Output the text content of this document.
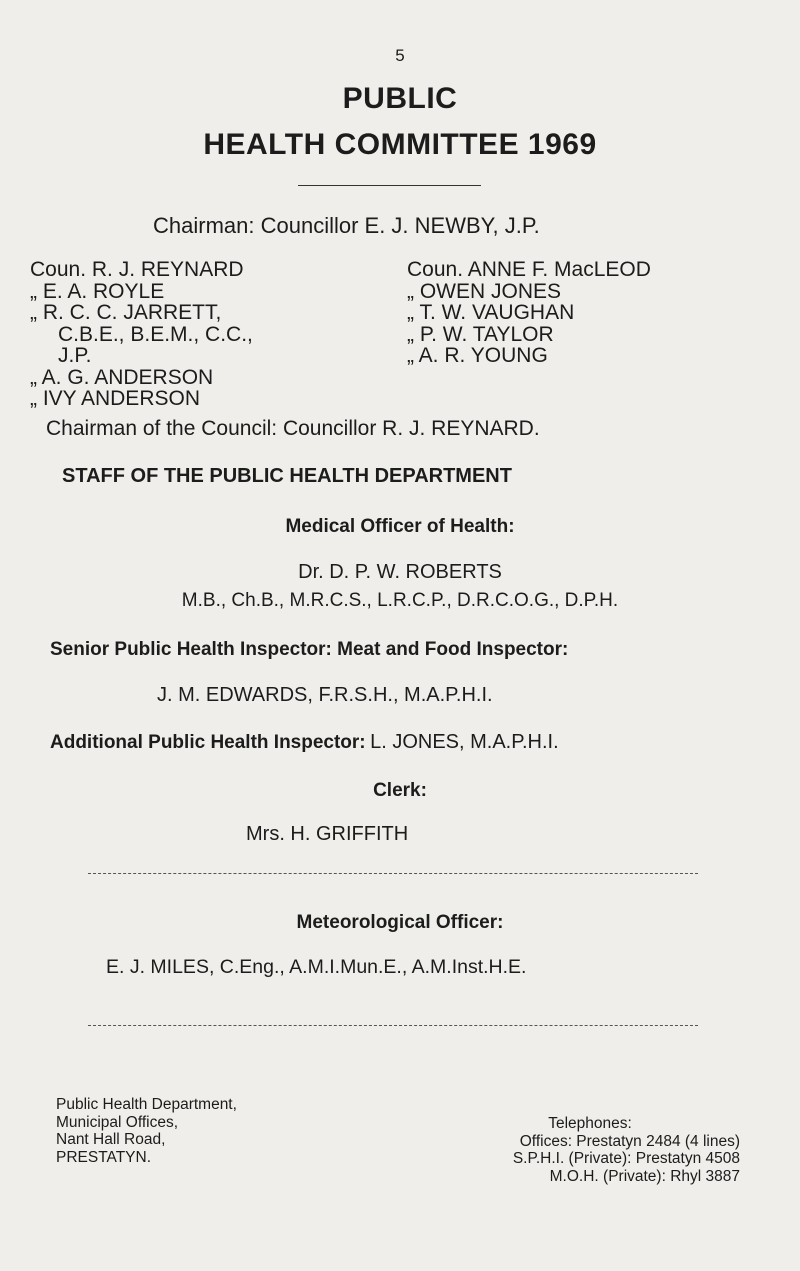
5
PUBLIC
HEALTH COMMITTEE 1969
Chairman: Councillor E. J. NEWBY, J.P.
Coun. R. J. REYNARD
„ E. A. ROYLE
„ R. C. C. JARRETT,
C.B.E., B.E.M., C.C.,
J.P.
„ A. G. ANDERSON
„ IVY ANDERSON
Coun. ANNE F. MacLEOD
„ OWEN JONES
„ T. W. VAUGHAN
„ P. W. TAYLOR
„ A. R. YOUNG
Chairman of the Council: Councillor R. J. REYNARD.
STAFF OF THE PUBLIC HEALTH DEPARTMENT
Medical Officer of Health:
Dr. D. P. W. ROBERTS
M.B., Ch.B., M.R.C.S., L.R.C.P., D.R.C.O.G., D.P.H.
Senior Public Health Inspector: Meat and Food Inspector:
J. M. EDWARDS, F.R.S.H., M.A.P.H.I.
Additional Public Health Inspector: L. JONES, M.A.P.H.I.
Clerk:
Mrs. H. GRIFFITH
Meteorological Officer:
E. J. MILES, C.Eng., A.M.I.Mun.E., A.M.Inst.H.E.
Public Health Department,
Municipal Offices,
Nant Hall Road,
PRESTATYN.
Telephones:
Offices: Prestatyn 2484 (4 lines)
S.P.H.I. (Private): Prestatyn 4508
M.O.H. (Private): Rhyl 3887
